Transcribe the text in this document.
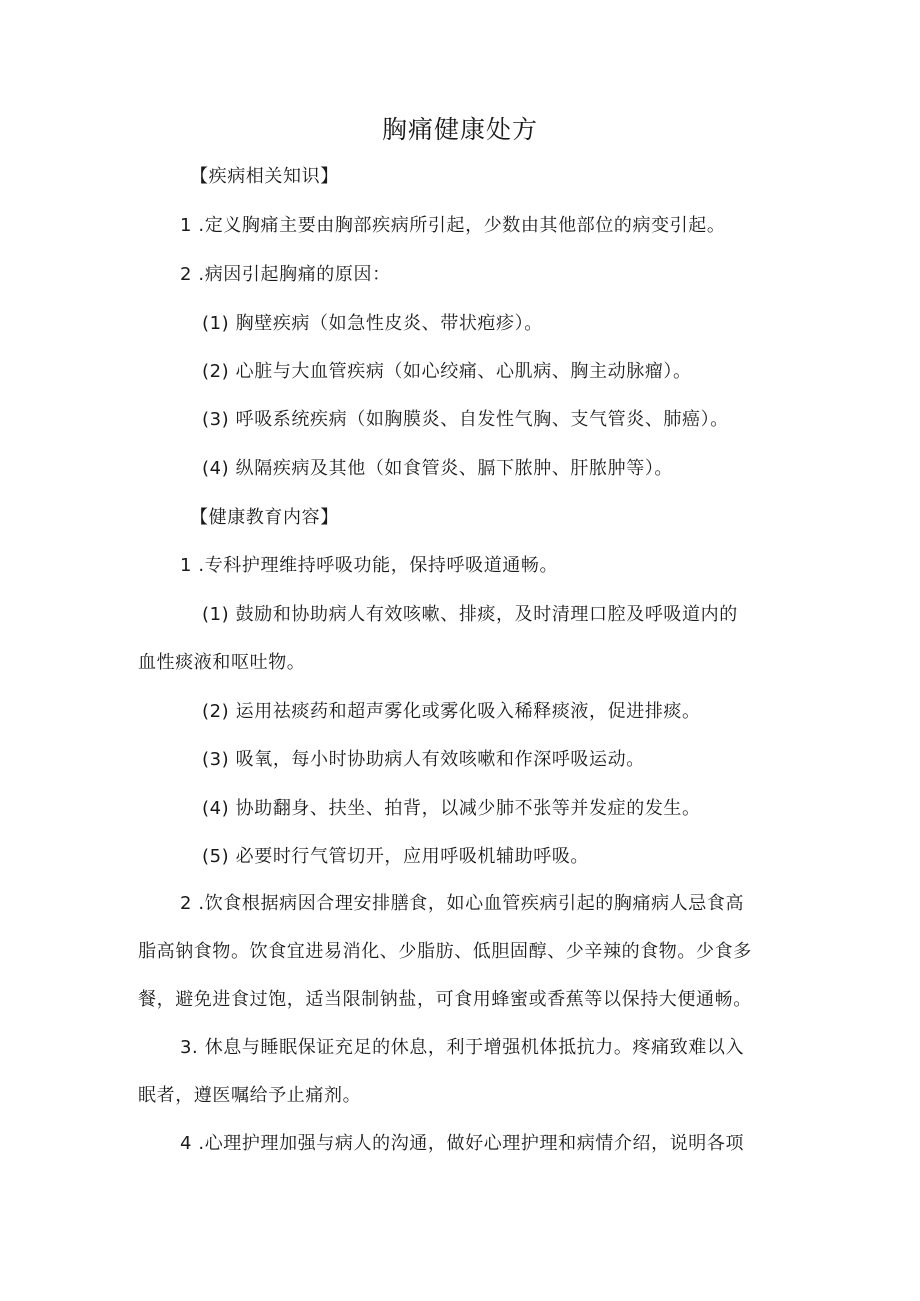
胸痛健康处方
【疾病相关知识】
1 .定义胸痛主要由胸部疾病所引起，少数由其他部位的病变引起。
2 .病因引起胸痛的原因：
(1) 胸壁疾病（如急性皮炎、带状疱疹）。
(2) 心脏与大血管疾病（如心绞痛、心肌病、胸主动脉瘤）。
(3) 呼吸系统疾病（如胸膜炎、自发性气胸、支气管炎、肺癌）。
(4) 纵隔疾病及其他（如食管炎、膈下脓肿、肝脓肿等）。
【健康教育内容】
1 .专科护理维持呼吸功能，保持呼吸道通畅。
(1) 鼓励和协助病人有效咳嗽、排痰，及时清理口腔及呼吸道内的
血性痰液和呕吐物。
(2) 运用祛痰药和超声雾化或雾化吸入稀释痰液，促进排痰。
(3) 吸氧，每小时协助病人有效咳嗽和作深呼吸运动。
(4) 协助翻身、扶坐、拍背，以减少肺不张等并发症的发生。
(5) 必要时行气管切开，应用呼吸机辅助呼吸。
2 .饮食根据病因合理安排膳食，如心血管疾病引起的胸痛病人忌食高
脂高钠食物。饮食宜进易消化、少脂肪、低胆固醇、少辛辣的食物。少食多
餐，避免进食过饱，适当限制钠盐，可食用蜂蜜或香蕉等以保持大便通畅。
3. 休息与睡眠保证充足的休息，利于增强机体抵抗力。疼痛致难以入
眠者，遵医嘱给予止痛剂。
4 .心理护理加强与病人的沟通，做好心理护理和病情介绍，说明各项
